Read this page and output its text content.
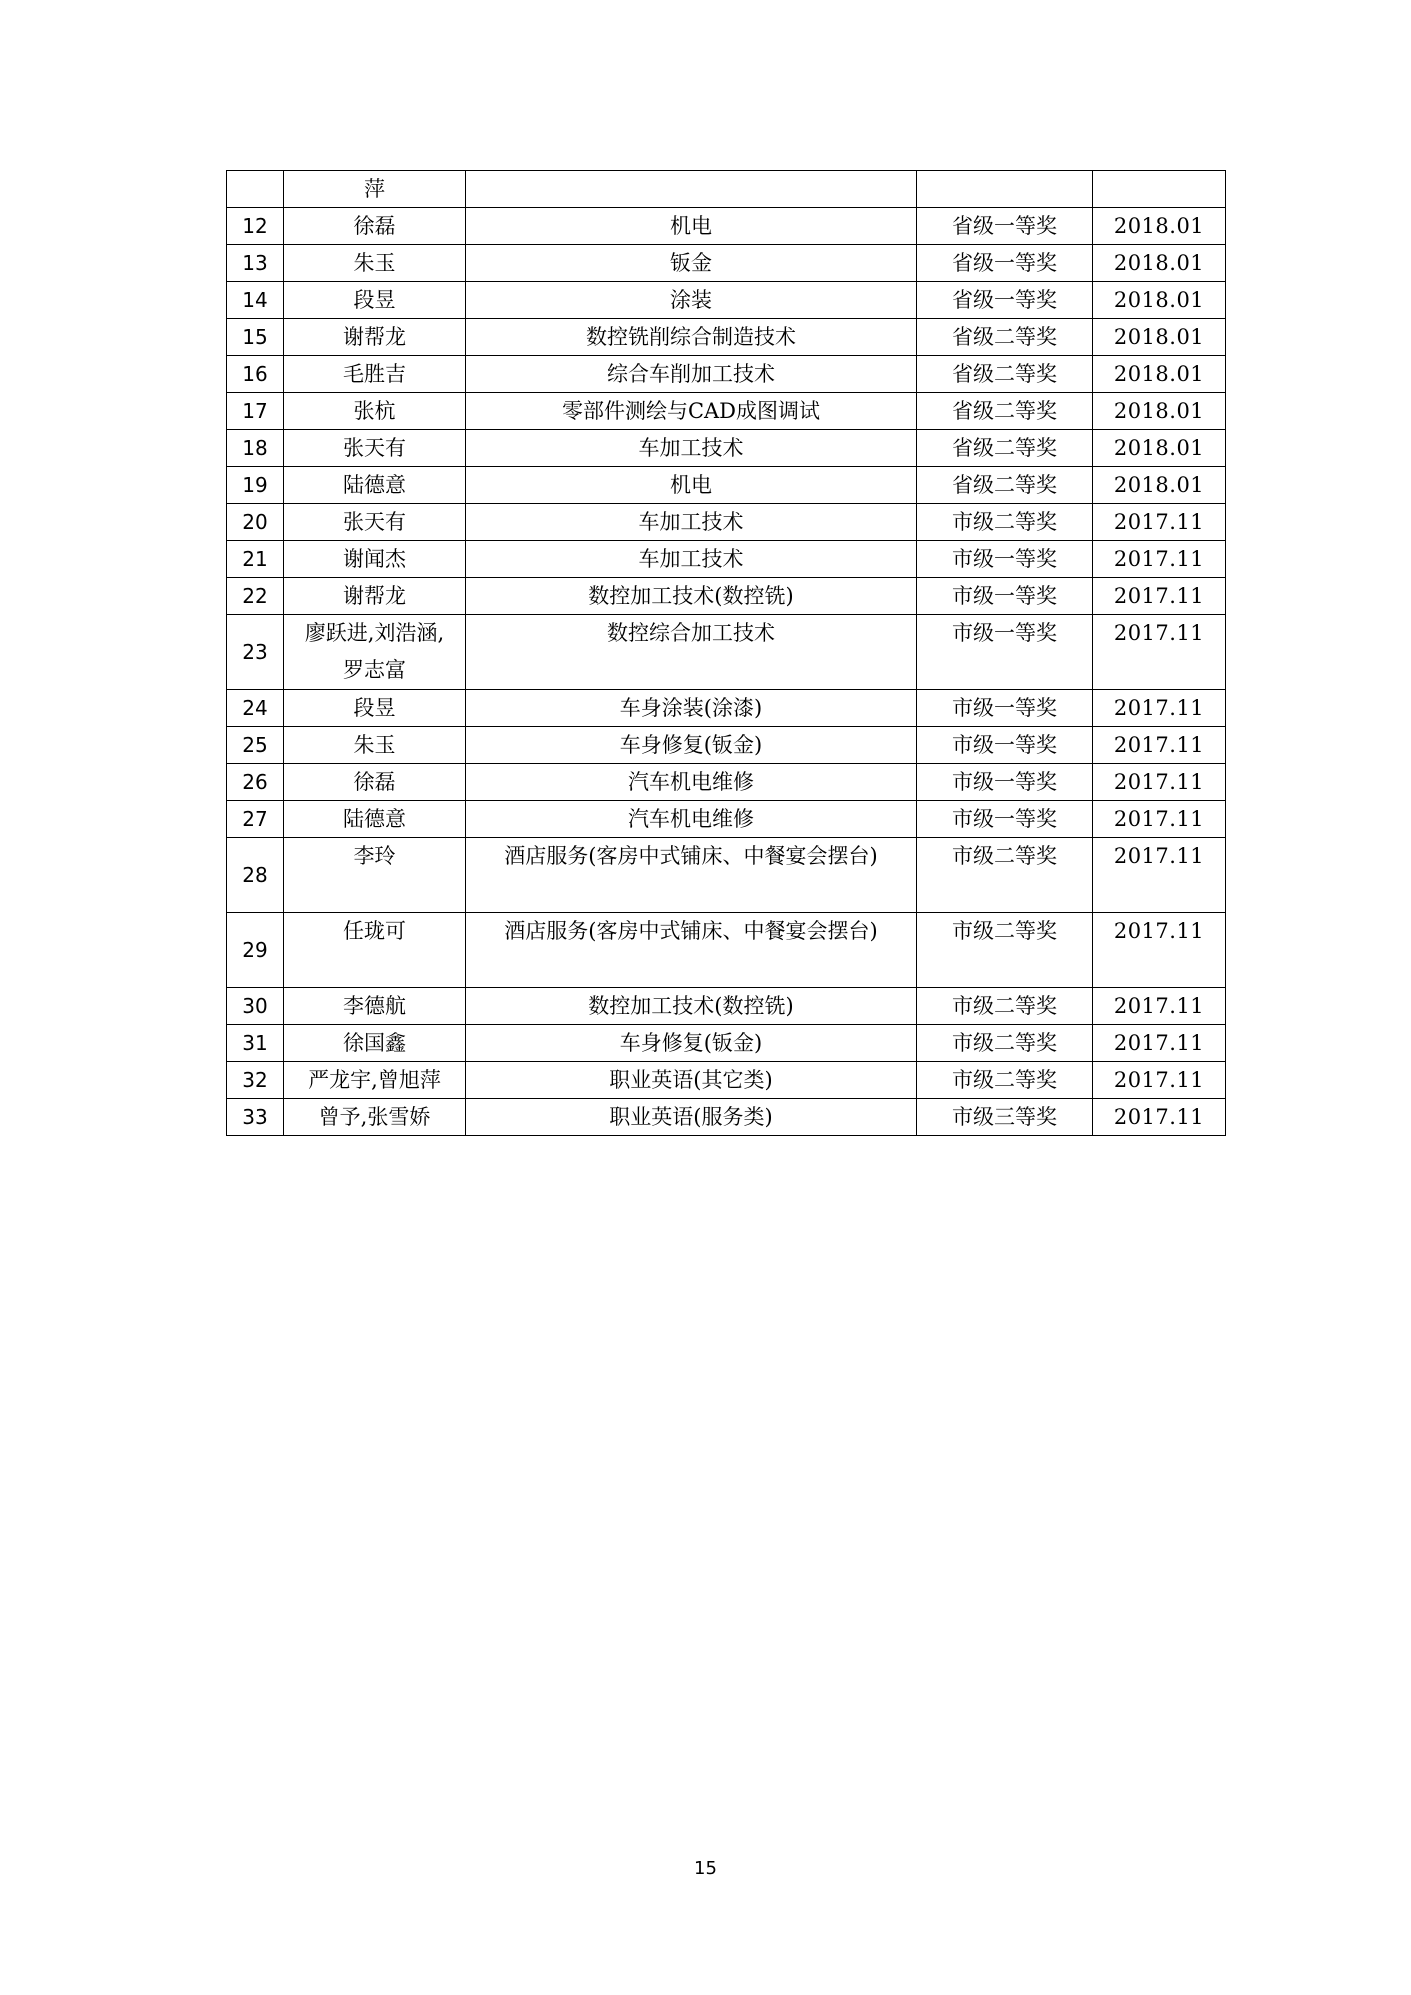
	萍			
12	徐磊	机电	省级一等奖	2018.01
13	朱玉	钣金	省级一等奖	2018.01
14	段昱	涂装	省级一等奖	2018.01
15	谢帮龙	数控铣削综合制造技术	省级二等奖	2018.01
16	毛胜吉	综合车削加工技术	省级二等奖	2018.01
17	张杭	零部件测绘与CAD成图调试	省级二等奖	2018.01
18	张天有	车加工技术	省级二等奖	2018.01
19	陆德意	机电	省级二等奖	2018.01
20	张天有	车加工技术	市级二等奖	2017.11
21	谢闻杰	车加工技术	市级一等奖	2017.11
22	谢帮龙	数控加工技术(数控铣)	市级一等奖	2017.11
23	廖跃进,刘浩涵,罗志富	数控综合加工技术	市级一等奖	2017.11
24	段昱	车身涂装(涂漆)	市级一等奖	2017.11
25	朱玉	车身修复(钣金)	市级一等奖	2017.11
26	徐磊	汽车机电维修	市级一等奖	2017.11
27	陆德意	汽车机电维修	市级一等奖	2017.11
28	李玲	酒店服务(客房中式铺床、中餐宴会摆台)	市级二等奖	2017.11
29	任珑可	酒店服务(客房中式铺床、中餐宴会摆台)	市级二等奖	2017.11
30	李德航	数控加工技术(数控铣)	市级二等奖	2017.11
31	徐国鑫	车身修复(钣金)	市级二等奖	2017.11
32	严龙宇,曾旭萍	职业英语(其它类)	市级二等奖	2017.11
33	曾予,张雪娇	职业英语(服务类)	市级三等奖	2017.11
15
